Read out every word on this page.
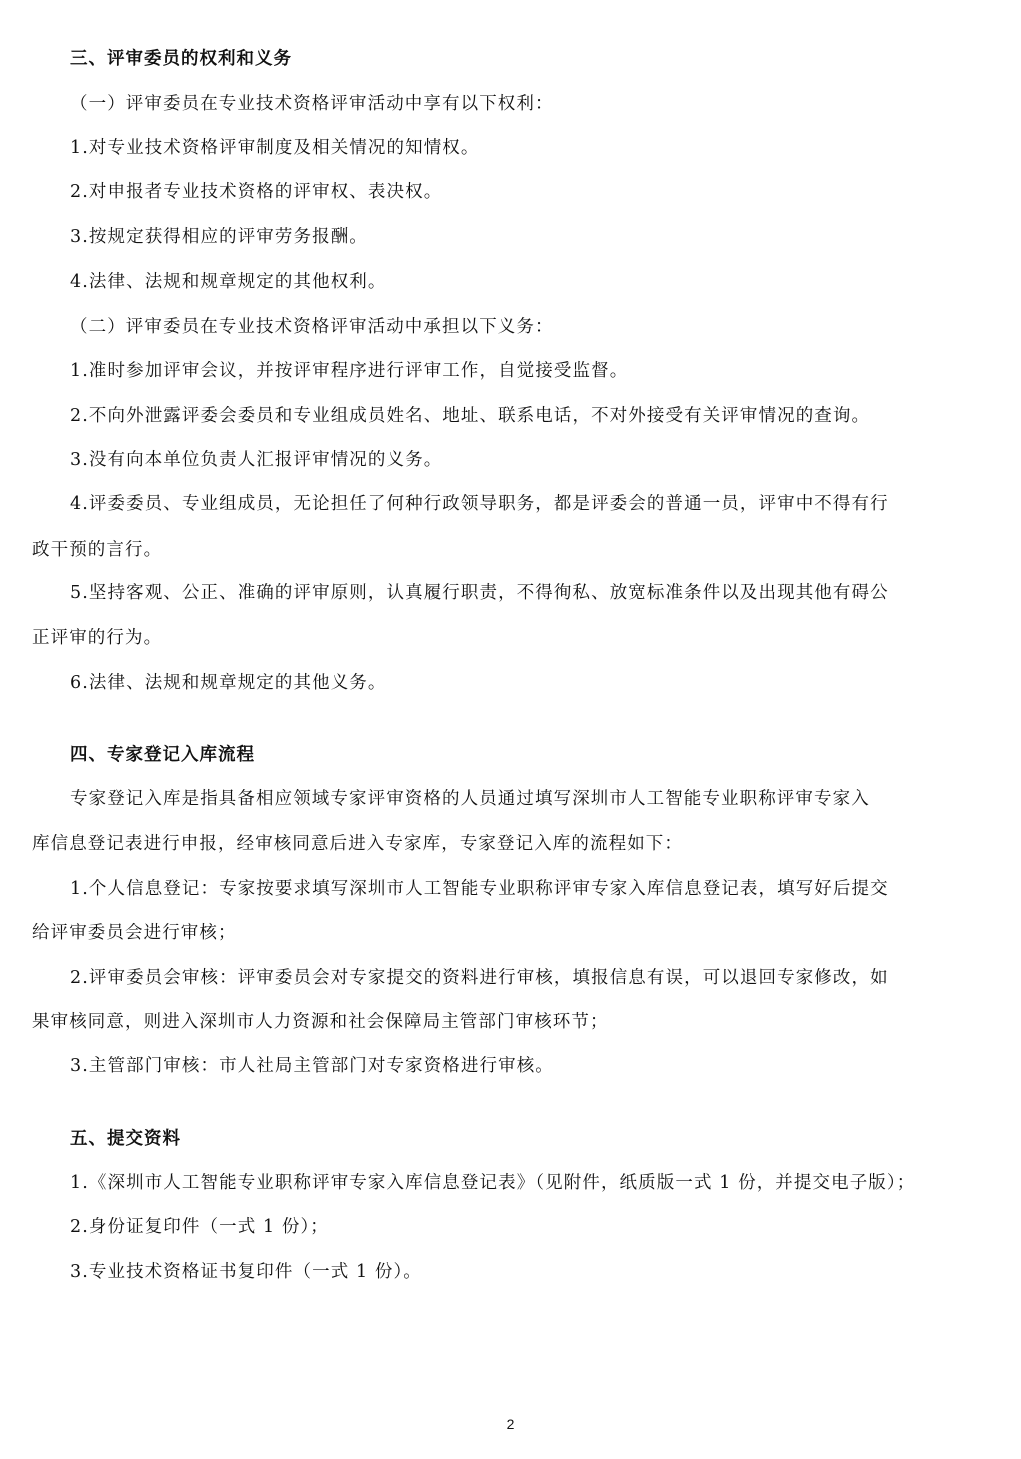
三、评审委员的权利和义务
（一）评审委员在专业技术资格评审活动中享有以下权利：
1.对专业技术资格评审制度及相关情况的知情权。
2.对申报者专业技术资格的评审权、表决权。
3.按规定获得相应的评审劳务报酬。
4.法律、法规和规章规定的其他权利。
（二）评审委员在专业技术资格评审活动中承担以下义务：
1.准时参加评审会议，并按评审程序进行评审工作，自觉接受监督。
2.不向外泄露评委会委员和专业组成员姓名、地址、联系电话，不对外接受有关评审情况的查询。
3.没有向本单位负责人汇报评审情况的义务。
4.评委委员、专业组成员，无论担任了何种行政领导职务，都是评委会的普通一员，评审中不得有行
政干预的言行。
5.坚持客观、公正、准确的评审原则，认真履行职责，不得徇私、放宽标准条件以及出现其他有碍公
正评审的行为。
6.法律、法规和规章规定的其他义务。
四、专家登记入库流程
专家登记入库是指具备相应领域专家评审资格的人员通过填写深圳市人工智能专业职称评审专家入
库信息登记表进行申报，经审核同意后进入专家库，专家登记入库的流程如下：
1.个人信息登记：专家按要求填写深圳市人工智能专业职称评审专家入库信息登记表，填写好后提交
给评审委员会进行审核；
2.评审委员会审核：评审委员会对专家提交的资料进行审核，填报信息有误，可以退回专家修改，如
果审核同意，则进入深圳市人力资源和社会保障局主管部门审核环节；
3.主管部门审核：市人社局主管部门对专家资格进行审核。
五、提交资料
1.《深圳市人工智能专业职称评审专家入库信息登记表》（见附件，纸质版一式 1 份，并提交电子版）；
2.身份证复印件（一式 1 份）；
3.专业技术资格证书复印件（一式 1 份）。
2
